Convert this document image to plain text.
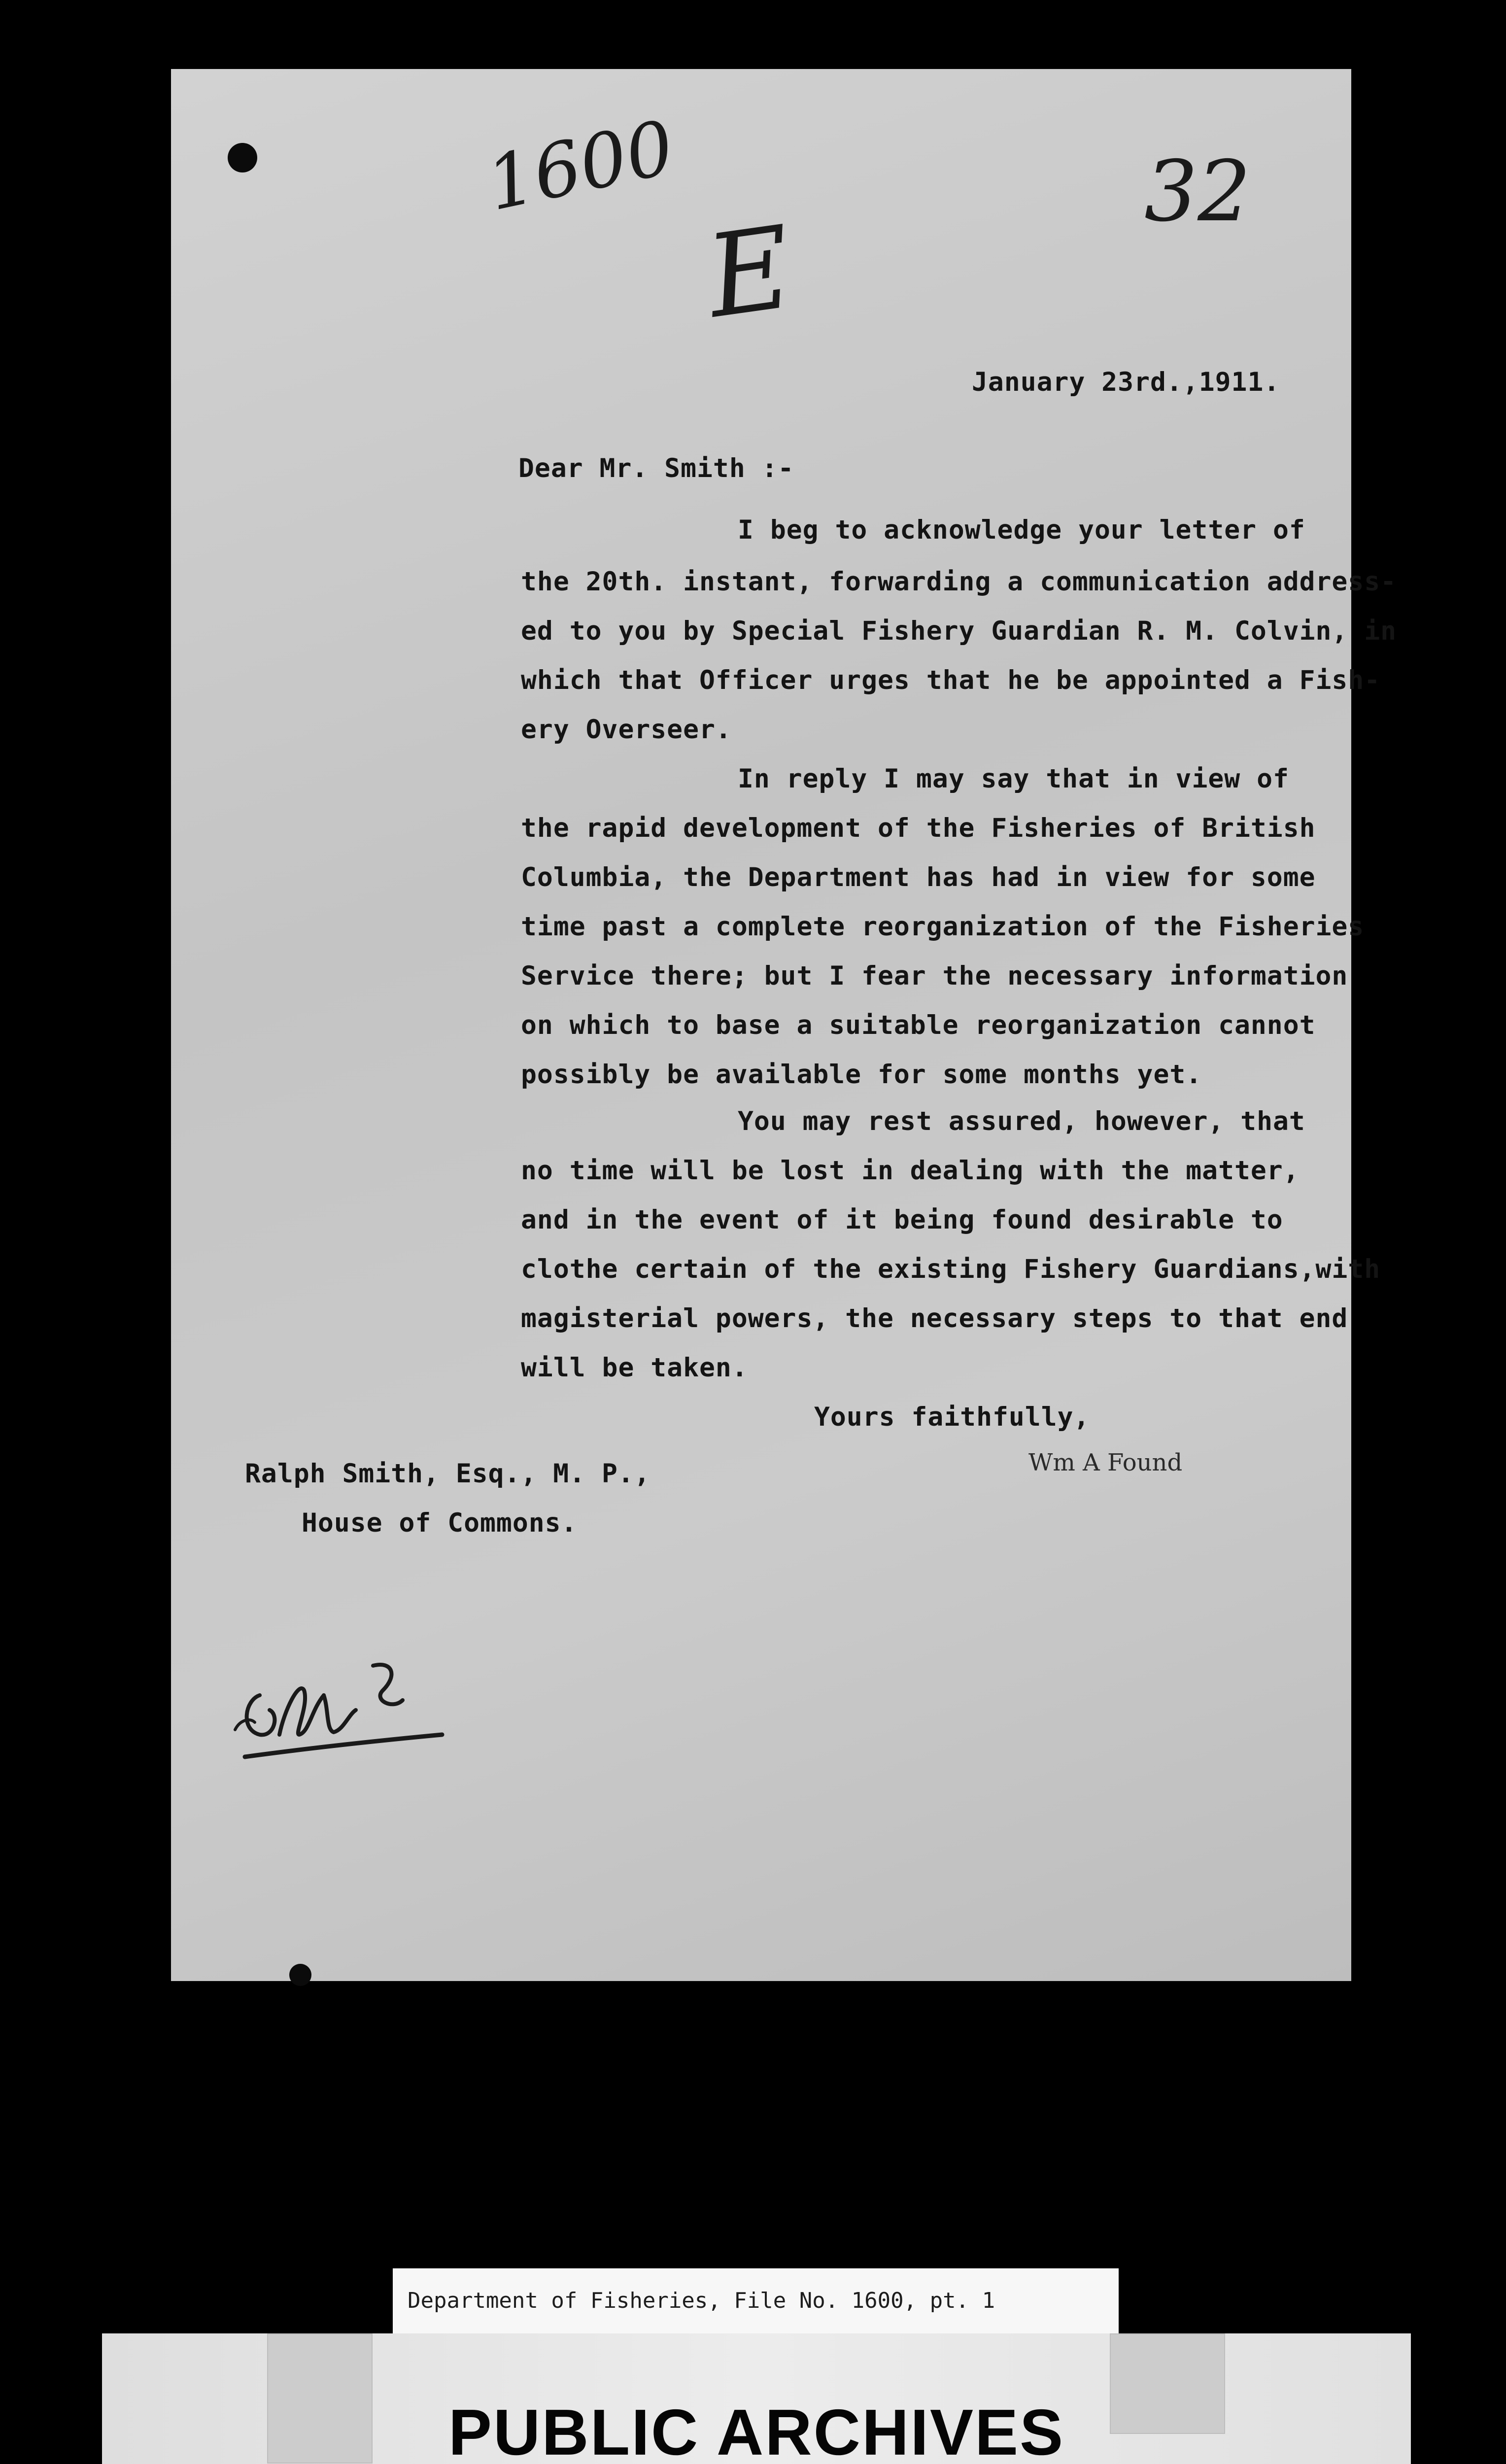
1600	32
E
January 23rd.,1911.
Dear Mr. Smith :-
I beg to acknowledge your letter of
the 20th. instant, forwarding a communication address-
ed to you by Special Fishery Guardian R. M. Colvin, in
which that Officer urges that he be appointed a Fish-
ery Overseer.
In reply I may say that in view of
the rapid development of the Fisheries of British
Columbia, the Department has had in view for some
time past a complete reorganization of the Fisheries
Service there; but I fear the necessary information
on which to base a suitable reorganization cannot
possibly be available for some months yet.
You may rest assured, however, that
no time will be lost in dealing with the matter,
and in the event of it being found desirable to
clothe certain of the existing Fishery Guardians,with
magisterial powers, the necessary steps to that end
will be taken.
Yours faithfully,
Wm A Found
Ralph Smith, Esq., M. P.,
House of Commons.
Department of Fisheries, File No. 1600, pt. 1
PUBLIC ARCHIVES
